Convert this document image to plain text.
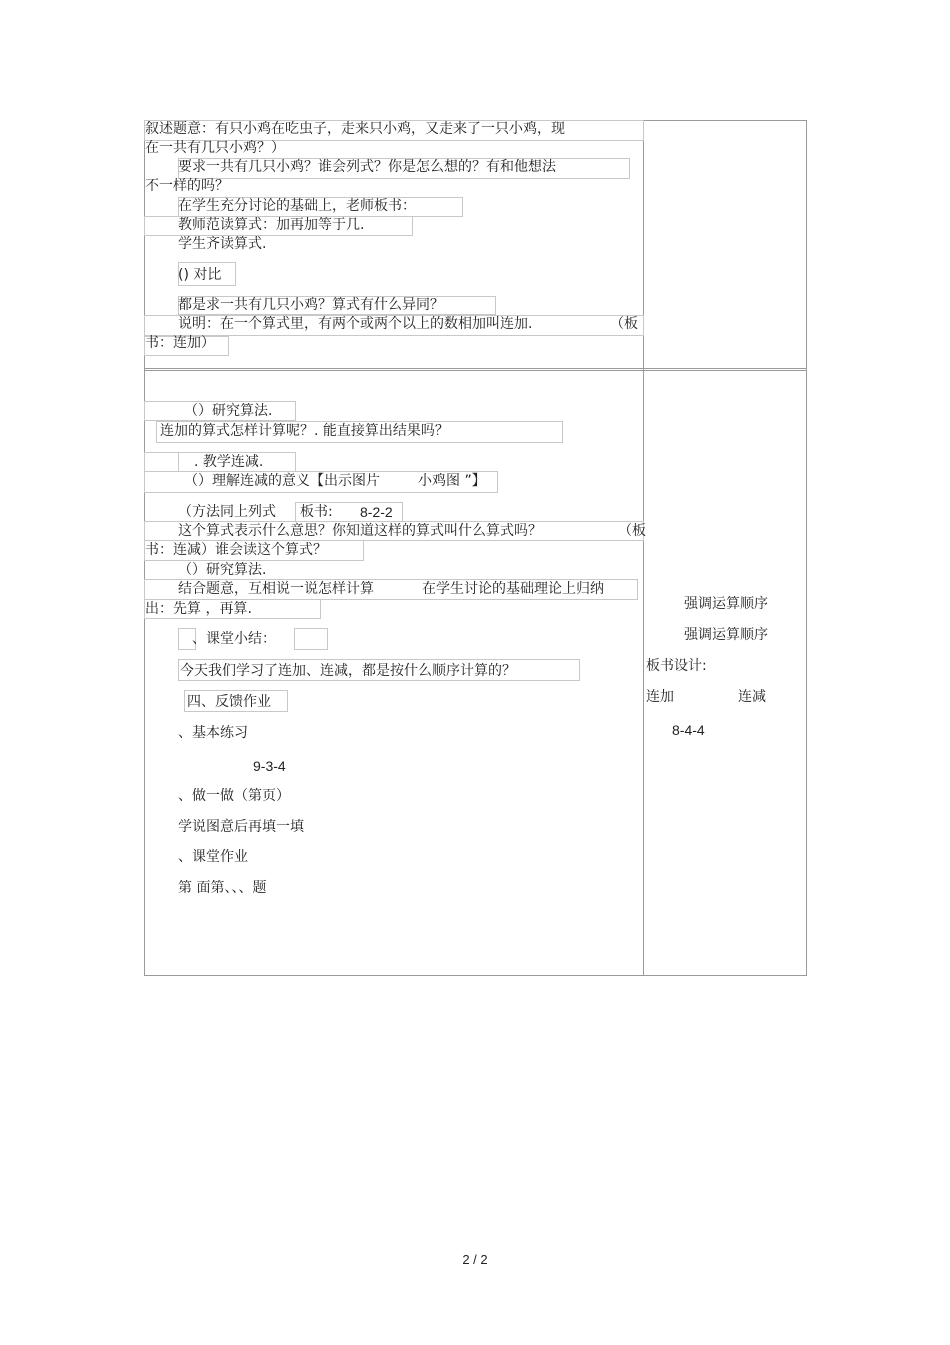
叙述题意：有只小鸡在吃虫子，走来只小鸡，又走来了一只小鸡，现
在一共有几只小鸡？）
要求一共有几只小鸡？谁会列式？你是怎么想的？有和他想法
不一样的吗？
在学生充分讨论的基础上，老师板书：
教师范读算式：加再加等于几.
学生齐读算式.
() 对比
都是求一共有几只小鸡？算式有什么异同？
说明：在一个算式里，有两个或两个以上的数相加叫连加.	（板
书：连加）
（）研究算法.
连加的算式怎样计算呢？. 能直接算出结果吗？
. 教学连减.
（）理解连减的意义【出示图片	小鸡图 ”】
（方法同上列式 板书: 8-2-2
这个算式表示什么意思？你知道这样的算式叫什么算式吗？	（板
书：连减）谁会读这个算式？
（）研究算法.
结合题意，互相说一说怎样计算	在学生讨论的基础理论上归纳
出：先算 ，再算.
、课堂小结：
今天我们学习了连加、连减，都是按什么顺序计算的？
四、反馈作业
、基本练习
9-3-4
、做一做（第页）
学说图意后再填一填
、课堂作业
第 面第、、、题
强调运算顺序
强调运算顺序
板书设计:
连加	连减
8-4-4
2 / 2
